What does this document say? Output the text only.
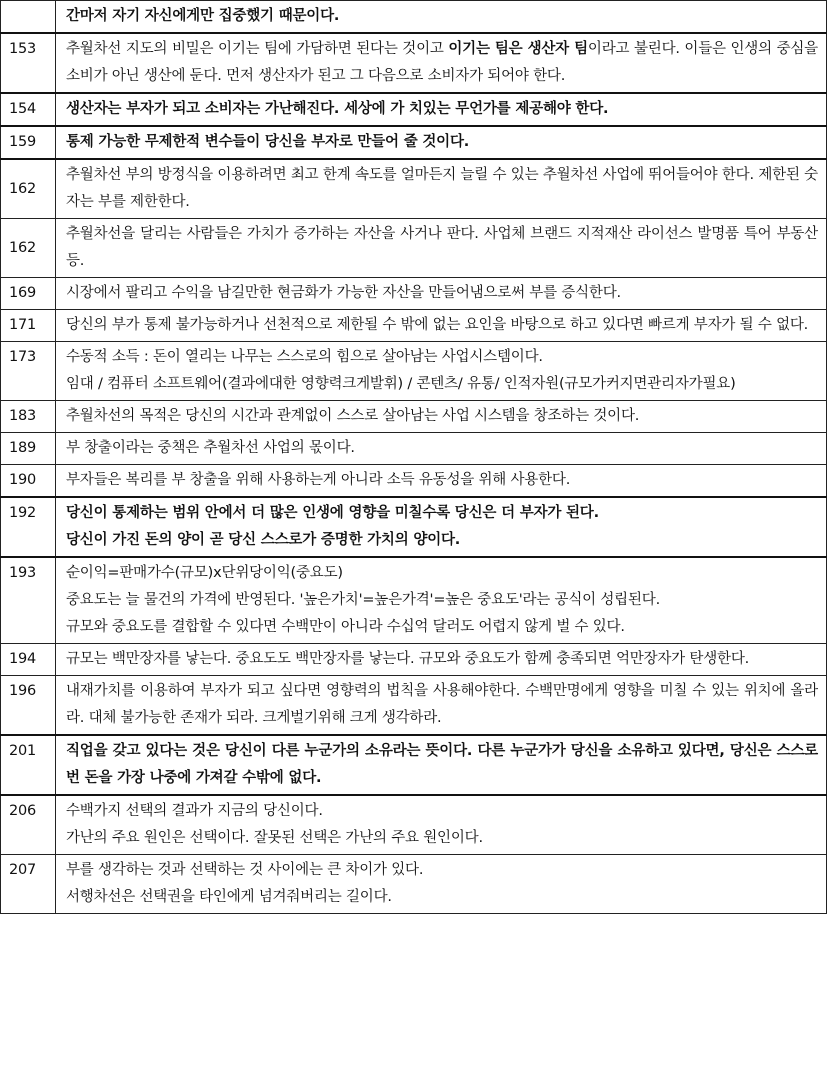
	간마저 자기 자신에게만 집중했기 때문이다.

153	추월차선 지도의 비밀은 이기는 팀에 가담하면 된다는 것이고 이기는 팀은 생산자 팀이라고 불린다. 이들은 인생의 중심을 소비가 아닌 생산에 둔다. 먼저 생산자가 된고 그 다음으로 소비자가 되어야 한다.
154	생산자는 부자가 되고 소비자는 가난해진다. 세상에 가 치있는 무언가를 제공해야 한다.

159	통제 가능한 무제한적 변수들이 당신을 부자로 만들어 줄 것이다.

162	추월차선 부의 방정식을 이용하려면 최고 한계 속도를 얼마든지 늘릴 수 있는 추월차선 사업에 뛰어들어야 한다. 제한된 숫자는 부를 제한한다.

162	추월차선을 달리는 사람들은 가치가 증가하는 자산을 사거나 판다. 사업체 브랜드 지적재산 라이선스 발명품 특어 부동산 등.

169	시장에서 팔리고 수익을 남길만한 현금화가 가능한 자산을 만들어냄으로써 부를 증식한다.

171	당신의 부가 통제 불가능하거나 선천적으로 제한될 수 밖에 없는 요인을 바탕으로 하고 있다면 빠르게 부자가 될 수 없다.

173	수동적 소득 : 돈이 열리는 나무는 스스로의 힘으로 살아남는 사업시스템이다.
임대 / 컴퓨터 소프트웨어(결과에대한 영향력크게발휘) / 콘텐츠/ 유통/ 인적자원(규모가커지면관리자가필요)

183	추월차선의 목적은 당신의 시간과 관계없이 스스로 살아남는 사업 시스템을 창조하는 것이다.

189	부 창출이라는 중책은 추월차선 사업의 몫이다.

190	부자들은 복리를 부 창출을 위해 사용하는게 아니라 소득 유동성을 위해 사용한다.

192	당신이 통제하는 범위 안에서 더 많은 인생에 영향을 미칠수록 당신은 더 부자가 된다.
당신이 가진 돈의 양이 곧 당신 스스로가 증명한 가치의 양이다.

193	순이익=판매가수(규모)x단위당이익(중요도)
중요도는 늘 물건의 가격에 반영된다. '높은가치'=높은가격'=높은 중요도'라는 공식이 성립된다.
규모와 중요도를 결합할 수 있다면 수백만이 아니라 수십억 달러도 어렵지 않게 벌 수 있다.

194	규모는 백만장자를 낳는다. 중요도도 백만장자를 낳는다. 규모와 중요도가 함께 충족되면 억만장자가 탄생한다.

196	내재가치를 이용하여 부자가 되고 싶다면 영향력의 법칙을 사용해야한다. 수백만명에게 영향을 미칠 수 있는 위치에 올라라. 대체 불가능한 존재가 되라. 크게벌기위해 크게 생각하라.

201	직업을 갖고 있다는 것은 당신이 다른 누군가의 소유라는 뜻이다. 다른 누군가가 당신을 소유하고 있다면, 당신은 스스로 번 돈을 가장 나중에 가져갈 수밖에 없다.

206	수백가지 선택의 결과가 지금의 당신이다.
가난의 주요 원인은 선택이다. 잘못된 선택은 가난의 주요 원인이다.

207	부를 생각하는 것과 선택하는 것 사이에는 큰 차이가 있다.
서행차선은 선택권을 타인에게 넘겨줘버리는 길이다.
